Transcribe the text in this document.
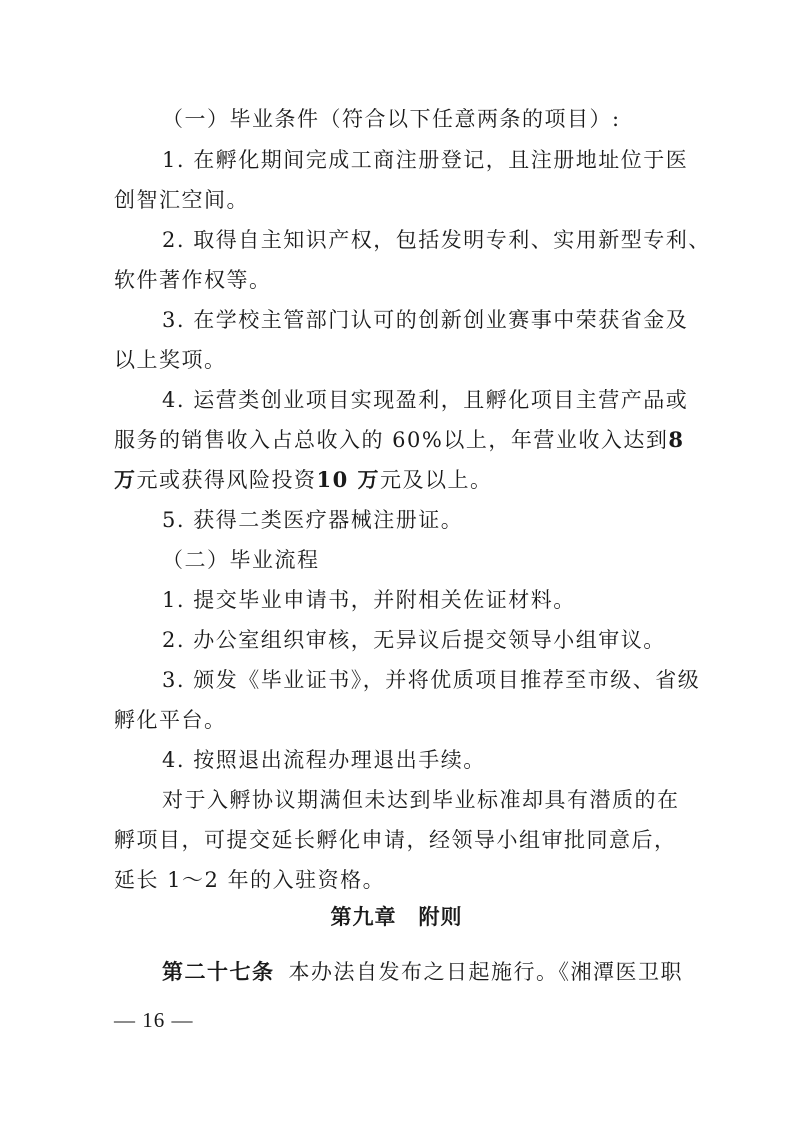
（一）毕业条件（符合以下任意两条的项目）:
1. 在孵化期间完成工商注册登记，且注册地址位于医
创智汇空间。
2. 取得自主知识产权，包括发明专利、实用新型专利、
软件著作权等。
3. 在学校主管部门认可的创新创业赛事中荣获省金及
以上奖项。
4. 运营类创业项目实现盈利，且孵化项目主营产品或
服务的销售收入占总收入的 60%以上，年营业收入达到8
万元或获得风险投资10 万元及以上。
5. 获得二类医疗器械注册证。
（二）毕业流程
1. 提交毕业申请书，并附相关佐证材料。
2. 办公室组织审核，无异议后提交领导小组审议。
3. 颁发《毕业证书》，并将优质项目推荐至市级、省级
孵化平台。
4. 按照退出流程办理退出手续。
对于入孵协议期满但未达到毕业标准却具有潜质的在
孵项目，可提交延长孵化申请，经领导小组审批同意后，
延长 1～2 年的入驻资格。
第九章　附则
第二十七条 本办法自发布之日起施行。《湘潭医卫职
— 16 —
